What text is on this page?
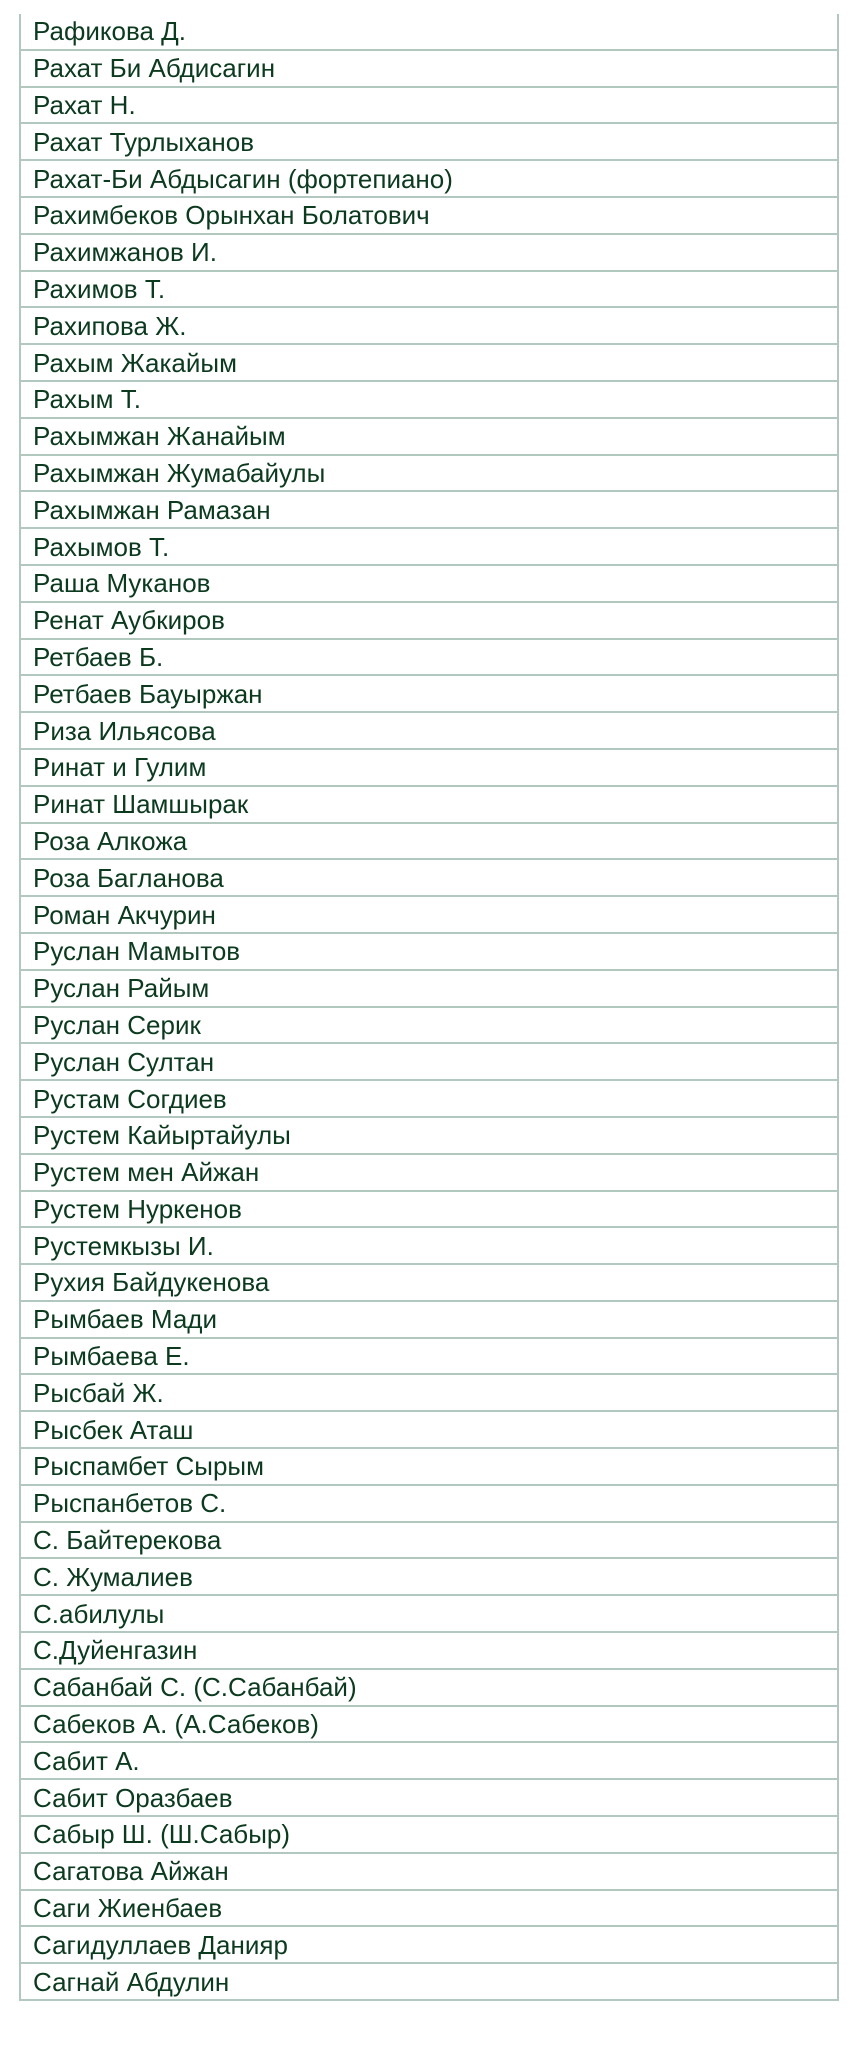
Рафикова Д.
Рахат Би Абдисагин
Рахат Н.
Рахат Турлыханов
Рахат-Би Абдысагин (фортепиано)
Рахимбеков Орынхан Болатович
Рахимжанов И.
Рахимов Т.
Рахипова Ж.
Рахым Жакайым
Рахым Т.
Рахымжан Жанайым
Рахымжан Жумабайулы
Рахымжан Рамазан
Рахымов Т.
Раша Муканов
Ренат Аубкиров
Ретбаев Б.
Ретбаев Бауыржан
Риза Ильясова
Ринат и Гулим
Ринат Шамшырак
Роза Алкожа
Роза Багланова
Роман Акчурин
Руслан Мамытов
Руслан Райым
Руслан Серик
Руслан Султан
Рустам Согдиев
Рустем Кайыртайулы
Рустем мен Айжан
Рустем Нуркенов
Рустемкызы И.
Рухия Байдукенова
Рымбаев Мади
Рымбаева Е.
Рысбай Ж.
Рысбек Аташ
Рыспамбет Сырым
Рыспанбетов С.
С. Байтерекова
С. Жумалиев
С.абилулы
С.Дуйенгазин
Сабанбай С. (С.Сабанбай)
Сабеков А. (А.Сабеков)
Сабит А.
Сабит Оразбаев
Сабыр Ш. (Ш.Сабыр)
Сагатова Айжан
Саги Жиенбаев
Сагидуллаев Данияр
Сагнай Абдулин
